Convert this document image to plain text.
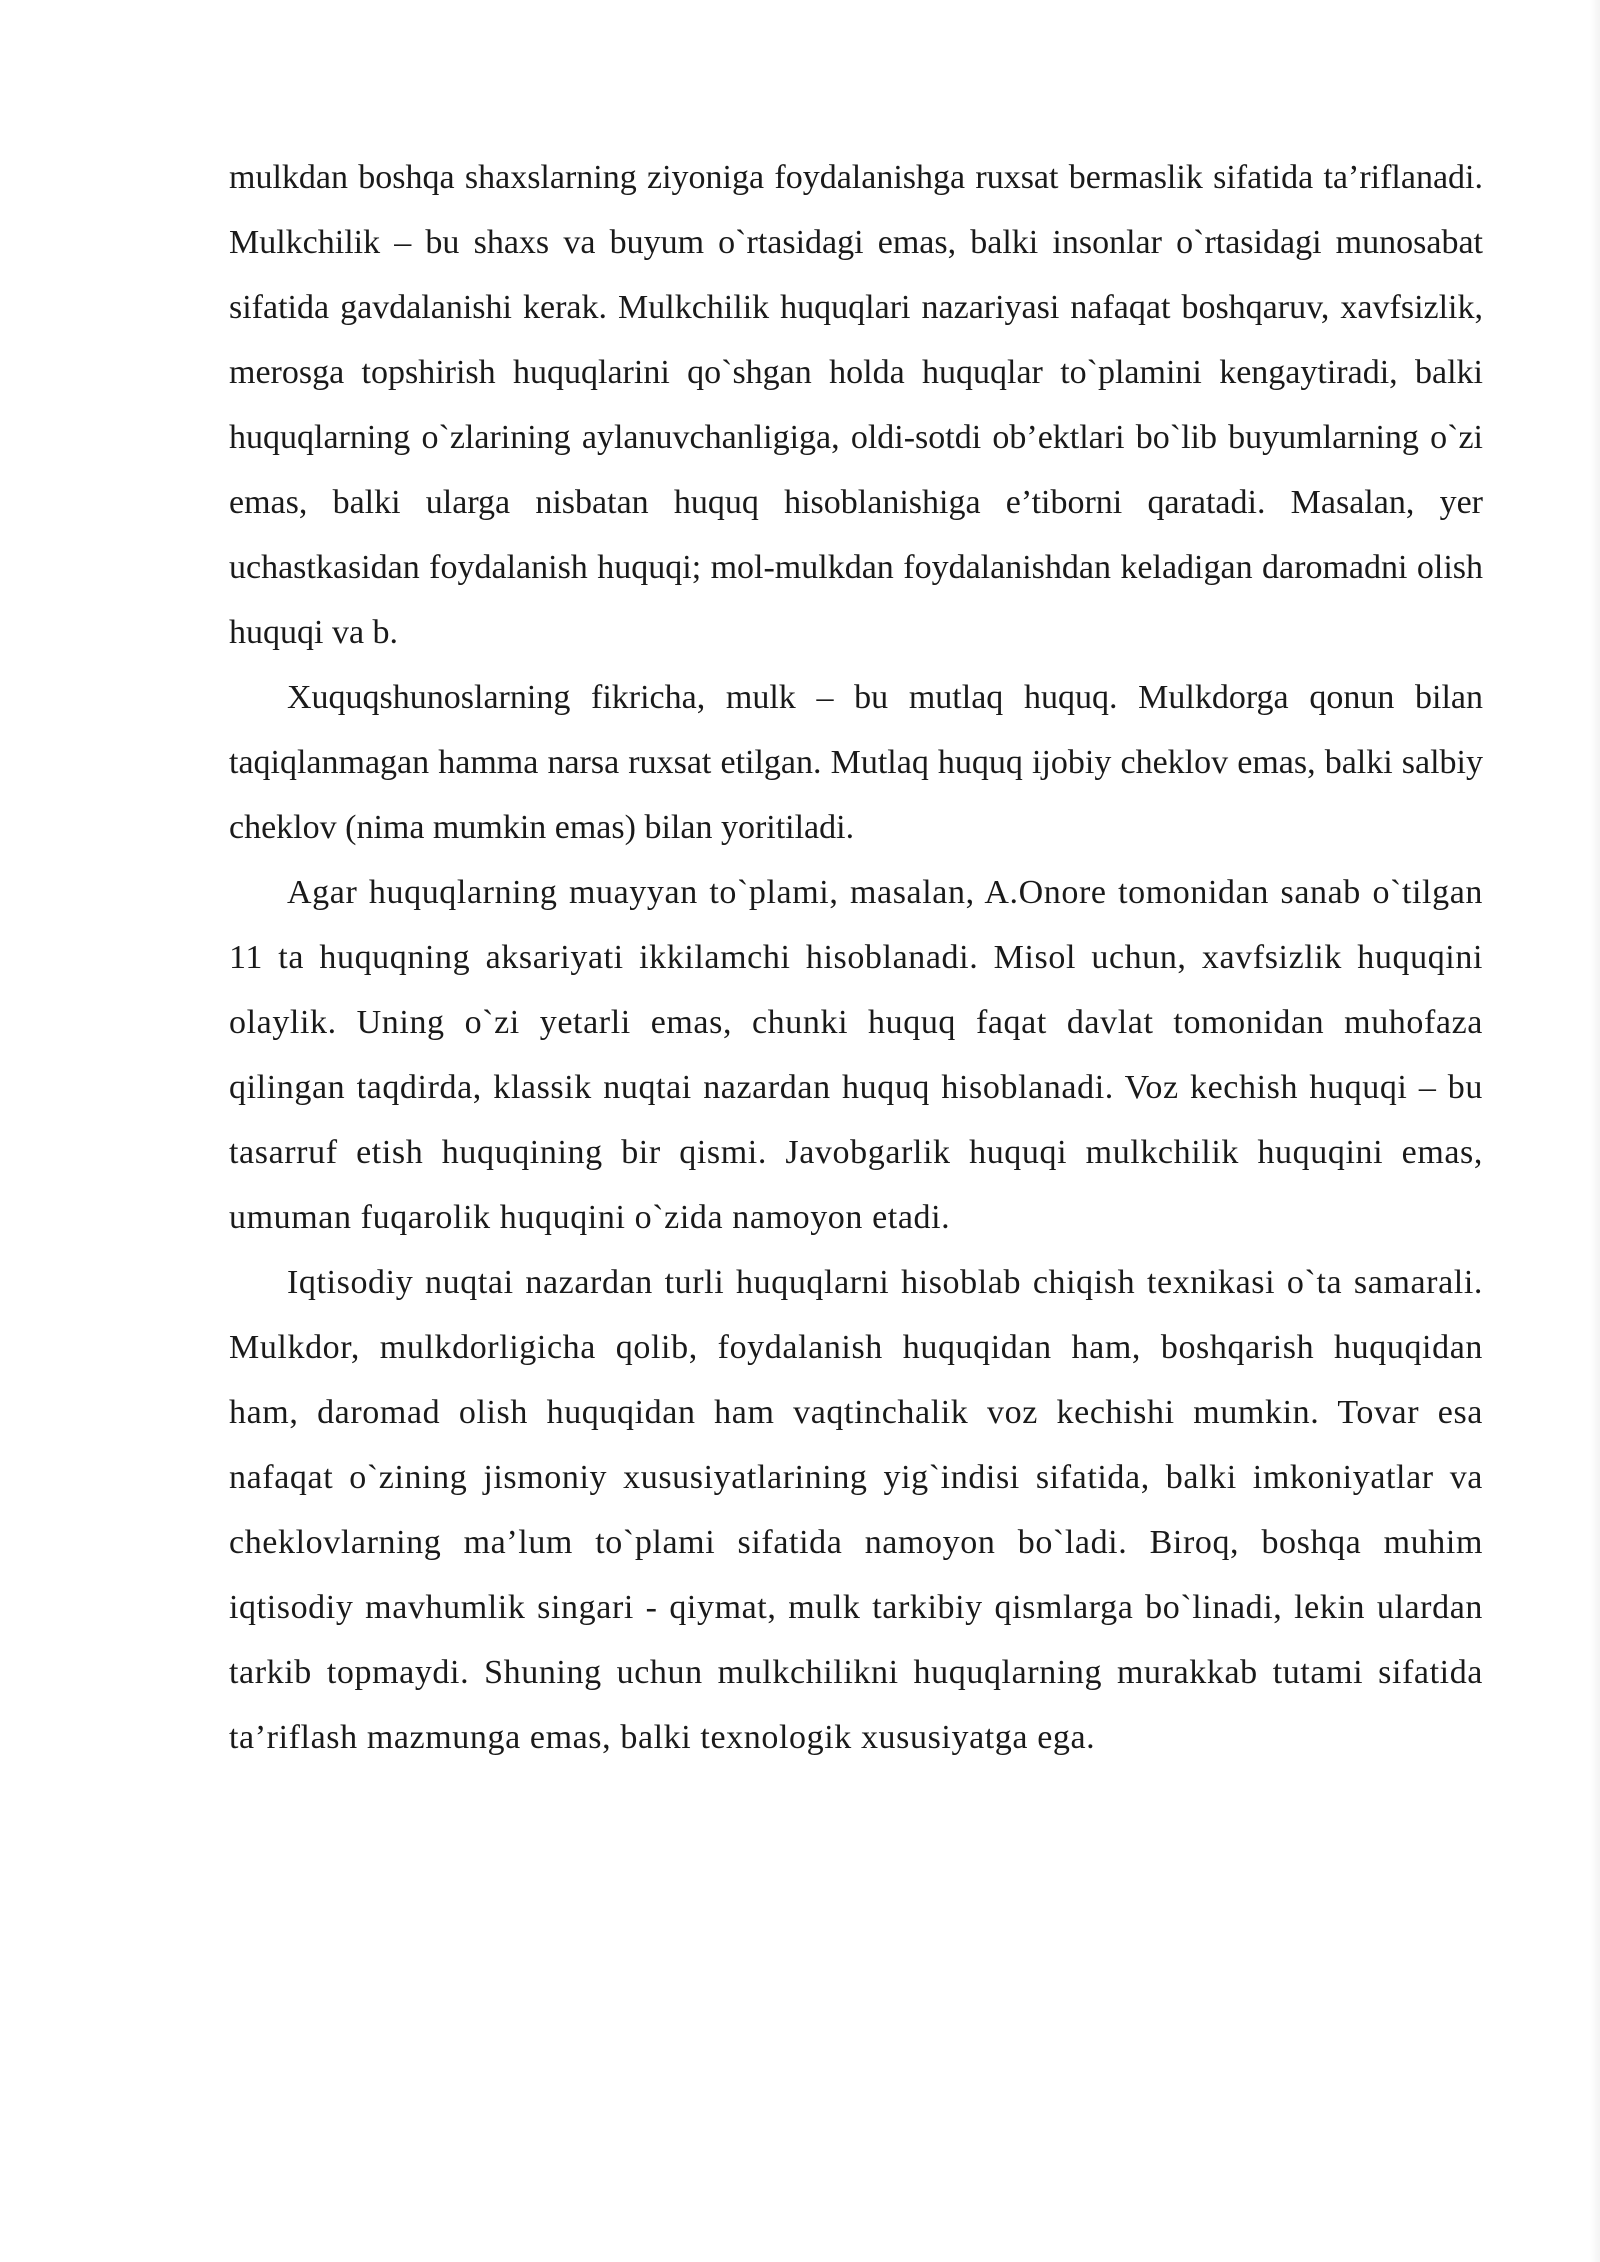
mulkdan boshqa shaxslarning ziyoniga foydalanishga ruxsat bermaslik sifatida ta’riflanadi. Mulkchilik – bu shaxs va buyum o`rtasidagi emas, balki insonlar o`rtasidagi munosabat sifatida gavdalanishi kerak. Mulkchilik huquqlari nazariyasi nafaqat boshqaruv, xavfsizlik, merosga topshirish huquqlarini qo`shgan holda huquqlar to`plamini kengaytiradi, balki huquqlarning o`zlarining aylanuvchanligiga, oldi-sotdi ob’ektlari bo`lib buyumlarning o`zi emas, balki ularga nisbatan huquq hisoblanishiga e’tiborni qaratadi. Masalan, yer uchastkasidan foydalanish huquqi; mol-mulkdan foydalanishdan keladigan daromadni olish huquqi va b.

Xuquqshunoslarning fikricha, mulk – bu mutlaq huquq. Mulkdorga qonun bilan taqiqlanmagan hamma narsa ruxsat etilgan. Mutlaq huquq ijobiy cheklov emas, balki salbiy cheklov (nima mumkin emas) bilan yoritiladi.

Agar huquqlarning muayyan to`plami, masalan, A.Onore tomonidan sanab o`tilgan 11 ta huquqning aksariyati ikkilamchi hisoblanadi. Misol uchun, xavfsizlik huquqini olaylik. Uning o`zi yetarli emas, chunki huquq faqat davlat tomonidan muhofaza qilingan taqdirda, klassik nuqtai nazardan huquq hisoblanadi. Voz kechish huquqi – bu tasarruf etish huquqining bir qismi. Javobgarlik huquqi mulkchilik huquqini emas, umuman fuqarolik huquqini o`zida namoyon etadi.

Iqtisodiy nuqtai nazardan turli huquqlarni hisoblab chiqish texnikasi o`ta samarali. Mulkdor, mulkdorligicha qolib, foydalanish huquqidan ham, boshqarish huquqidan ham, daromad olish huquqidan ham vaqtinchalik voz kechishi mumkin. Tovar esa nafaqat o`zining jismoniy xususiyatlarining yig`indisi sifatida, balki imkoniyatlar va cheklovlarning ma’lum to`plami sifatida namoyon bo`ladi. Biroq, boshqa muhim iqtisodiy mavhumlik singari - qiymat, mulk tarkibiy qismlarga bo`linadi, lekin ulardan tarkib topmaydi. Shuning uchun mulkchilikni huquqlarning murakkab tutami sifatida ta’riflash mazmunga emas, balki texnologik xususiyatga ega.
